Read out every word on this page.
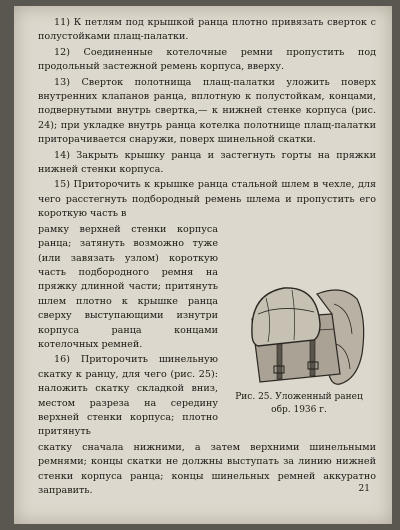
11) К петлям под крышкой ранца плотно привязать сверток с полустойками плащ-палатки.

12) Соединенные котелочные ремни пропустить под продольный застежной ремень корпуса, вверху.

13) Сверток полотнища плащ-палатки уложить поверх внутренних клапанов ранца, вплотную к полустойкам, концами, подвернутыми внутрь свертка,— к нижней стенке корпуса (рис. 24); при укладке внутрь ранца котелка полотнище плащ-палатки приторачивается снаружи, поверх шинельной скатки.

14) Закрыть крышку ранца и застегнуть горты на пряжки нижней стенки корпуса.

15) Приторочить к крышке ранца стальной шлем в чехле, для чего расстегнуть подбородный ремень шлема и пропустить его короткую часть в

рамку верхней стенки корпуса ранца; затянуть возможно туже (или завязать узлом) короткую часть подбородного ремня на пряжку длинной части; притянуть шлем плотно к крышке ранца сверху выступающими изнутри корпуса ранца концами котелочных ремней.

16) Приторочить шинельную скатку к ранцу, для чего (рис. 25): наложить скатку складкой вниз, местом разреза на середину верхней стенки корпуса; плотно притянуть

скатку сначала нижними, а затем верхними шинельными ремнями; концы скатки не должны выступать за линию нижней стенки корпуса ранца; концы шинельных ремней аккуратно заправить.

Рис. 25. Уложенный ранец
обр. 1936 г.
21
